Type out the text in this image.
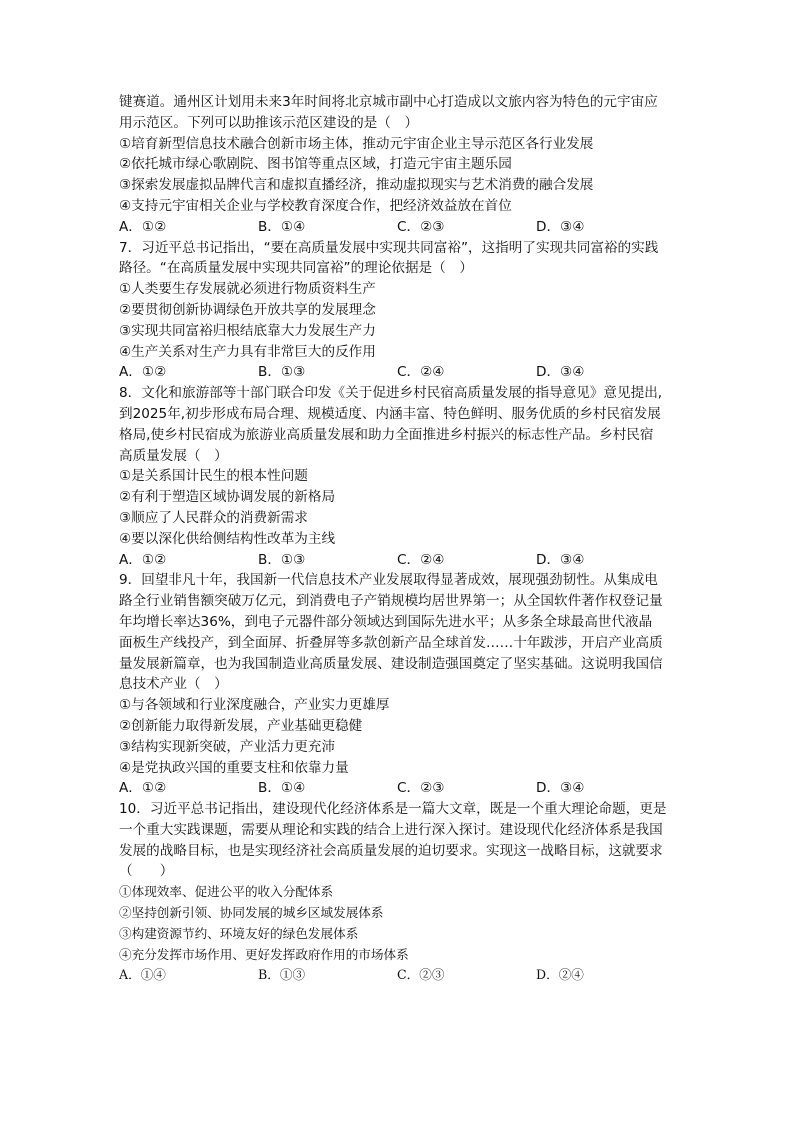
键赛道。通州区计划用未来3年时间将北京城市副中心打造成以文旅内容为特色的元宇宙应
用示范区。下列可以助推该示范区建设的是（　）
①培育新型信息技术融合创新市场主体，推动元宇宙企业主导示范区各行业发展
②依托城市绿心歌剧院、图书馆等重点区域，打造元宇宙主题乐园
③探索发展虚拟品牌代言和虚拟直播经济，推动虚拟现实与艺术消费的融合发展
④支持元宇宙相关企业与学校教育深度合作，把经济效益放在首位
A．①②	B．①④	C．②③	D．③④
7．习近平总书记指出，“要在高质量发展中实现共同富裕”，这指明了实现共同富裕的实践
路径。“在高质量发展中实现共同富裕”的理论依据是（　）
①人类要生存发展就必须进行物质资料生产
②要贯彻创新协调绿色开放共享的发展理念
③实现共同富裕归根结底靠大力发展生产力
④生产关系对生产力具有非常巨大的反作用
A．①②	B．①③	C．②④	D．③④
8．文化和旅游部等十部门联合印发《关于促进乡村民宿高质量发展的指导意见》意见提出,
到2025年,初步形成布局合理、规模适度、内涵丰富、特色鲜明、服务优质的乡村民宿发展
格局,使乡村民宿成为旅游业高质量发展和助力全面推进乡村振兴的标志性产品。乡村民宿
高质量发展（　）
①是关系国计民生的根本性问题
②有利于塑造区域协调发展的新格局
③顺应了人民群众的消费新需求
④要以深化供给侧结构性改革为主线
A．①②	B．①③	C．②④	D．③④
9．回望非凡十年，我国新一代信息技术产业发展取得显著成效，展现强劲韧性。从集成电
路全行业销售额突破万亿元，到消费电子产销规模均居世界第一；从全国软件著作权登记量
年均增长率达36%，到电子元器件部分领域达到国际先进水平；从多条全球最高世代液晶
面板生产线投产，到全面屏、折叠屏等多款创新产品全球首发……十年跋涉，开启产业高质
量发展新篇章，也为我国制造业高质量发展、建设制造强国奠定了坚实基础。这说明我国信
息技术产业（　）
①与各领域和行业深度融合，产业实力更雄厚
②创新能力取得新发展，产业基础更稳健
③结构实现新突破，产业活力更充沛
④是党执政兴国的重要支柱和依靠力量
A．①②	B．①④	C．②③	D．③④
10．习近平总书记指出，建设现代化经济体系是一篇大文章，既是一个重大理论命题，更是
一个重大实践课题，需要从理论和实践的结合上进行深入探讨。建设现代化经济体系是我国
发展的战略目标，也是实现经济社会高质量发展的迫切要求。实现这一战略目标，这就要求
（　　）
①体现效率、促进公平的收入分配体系
②坚持创新引领、协同发展的城乡区域发展体系
③构建资源节约、环境友好的绿色发展体系
④充分发挥市场作用、更好发挥政府作用的市场体系
A．①④	B．①③	C．②③	D．②④
